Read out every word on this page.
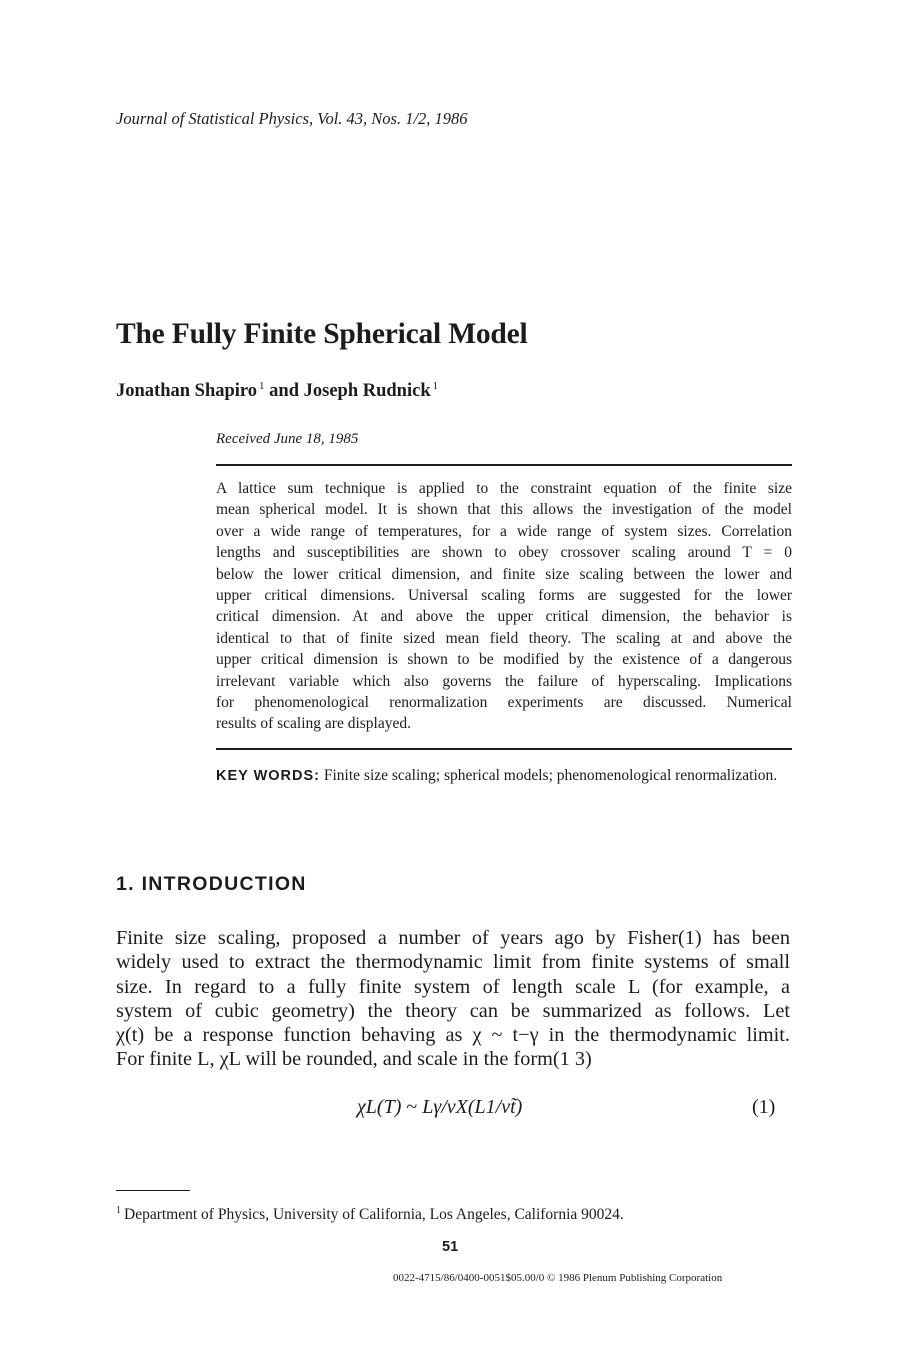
Journal of Statistical Physics, Vol. 43, Nos. 1/2, 1986
The Fully Finite Spherical Model
Jonathan Shapiro $^1$ and Joseph Rudnick $^1$
Received June 18, 1985
A lattice sum technique is applied to the constraint equation of the finite size
mean spherical model. It is shown that this allows the investigation of the model
over a wide range of temperatures, for a wide range of system sizes. Correlation
lengths and susceptibilities are shown to obey crossover scaling around T = 0
below the lower critical dimension, and finite size scaling between the lower and
upper critical dimensions. Universal scaling forms are suggested for the lower
critical dimension. At and above the upper critical dimension, the behavior is
identical to that of finite sized mean field theory. The scaling at and above the
upper critical dimension is shown to be modified by the existence of a dangerous
irrelevant variable which also governs the failure of hyperscaling. Implications
for phenomenological renormalization experiments are discussed. Numerical
results of scaling are displayed.
KEY WORDS: Finite size scaling; spherical models; phenomenological renormalization.
1. INTRODUCTION
Finite size scaling, proposed a number of years ago by Fisher(1) has been
widely used to extract the thermodynamic limit from finite systems of small
size. In regard to a fully finite system of length scale L (for example, a
system of cubic geometry) the theory can be summarized as follows. Let
χ(t) be a response function behaving as χ ~ t−γ in the thermodynamic limit.
For finite L, χL will be rounded, and scale in the form(1 3)
χL(T) ~ Lγ/νX(L1/νt̃)	(1)
$^1$ Department of Physics, University of California, Los Angeles, California 90024.
51
0022-4715/86/0400-0051$05.00/0 © 1986 Plenum Publishing Corporation
